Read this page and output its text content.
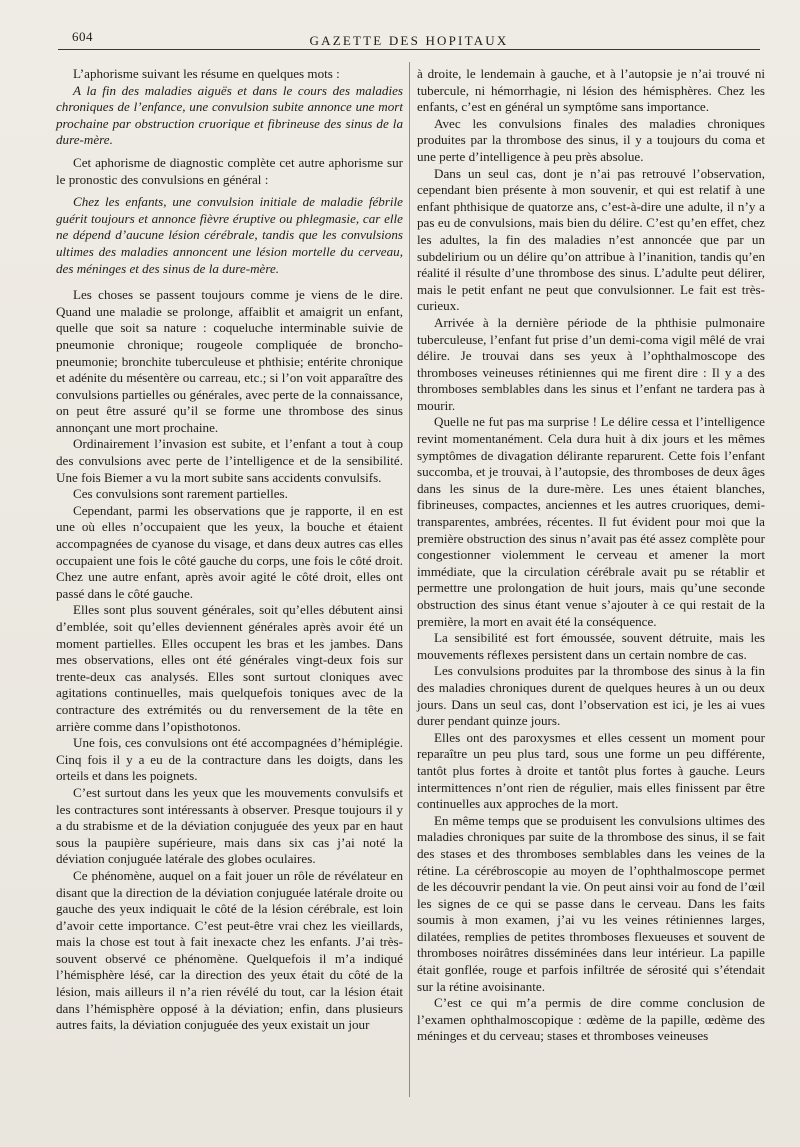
604	GAZETTE DES HOPITAUX

L’aphorisme suivant les résume en quelques mots :

A la fin des maladies aiguës et dans le cours des maladies chroniques de l’enfance, une convulsion subite annonce une mort prochaine par obstruction cruorique et fibrineuse des sinus de la dure-mère.

Cet aphorisme de diagnostic complète cet autre aphorisme sur le pronostic des convulsions en général :

Chez les enfants, une convulsion initiale de maladie fébrile guérit toujours et annonce fièvre éruptive ou phlegmasie, car elle ne dépend d’aucune lésion cérébrale, tandis que les convulsions ultimes des maladies annoncent une lésion mortelle du cerveau, des méninges et des sinus de la dure-mère.

Les choses se passent toujours comme je viens de le dire. Quand une maladie se prolonge, affaiblit et amaigrit un enfant, quelle que soit sa nature : coqueluche interminable suivie de pneumonie chronique; rougeole compliquée de broncho-pneumonie; bronchite tuberculeuse et phthisie; entérite chronique et adénite du mésentère ou carreau, etc.; si l’on voit apparaître des convulsions partielles ou générales, avec perte de la connaissance, on peut être assuré qu’il se forme une thrombose des sinus annonçant une mort prochaine.

Ordinairement l’invasion est subite, et l’enfant a tout à coup des convulsions avec perte de l’intelligence et de la sensibilité. Une fois Biemer a vu la mort subite sans accidents convulsifs.

Ces convulsions sont rarement partielles.

Cependant, parmi les observations que je rapporte, il en est une où elles n’occupaient que les yeux, la bouche et étaient accompagnées de cyanose du visage, et dans deux autres cas elles occupaient une fois le côté gauche du corps, une fois le côté droit. Chez une autre enfant, après avoir agité le côté droit, elles ont passé dans le côté gauche.

Elles sont plus souvent générales, soit qu’elles débutent ainsi d’emblée, soit qu’elles deviennent générales après avoir été un moment partielles. Elles occupent les bras et les jambes. Dans mes observations, elles ont été générales vingt-deux fois sur trente-deux cas analysés. Elles sont surtout cloniques avec agitations continuelles, mais quelquefois toniques avec de la contracture des extrémités ou du renversement de la tête en arrière comme dans l’opisthotonos.

Une fois, ces convulsions ont été accompagnées d’hémiplégie. Cinq fois il y a eu de la contracture dans les doigts, dans les orteils et dans les poignets.

C’est surtout dans les yeux que les mouvements convulsifs et les contractures sont intéressants à observer. Presque toujours il y a du strabisme et de la déviation conjuguée des yeux par en haut sous la paupière supérieure, mais dans six cas j’ai noté la déviation conjuguée latérale des globes oculaires.

Ce phénomène, auquel on a fait jouer un rôle de révélateur en disant que la direction de la déviation conjuguée latérale droite ou gauche des yeux indiquait le côté de la lésion cérébrale, est loin d’avoir cette importance. C’est peut-être vrai chez les vieillards, mais la chose est tout à fait inexacte chez les enfants. J’ai très-souvent observé ce phénomène. Quelquefois il m’a indiqué l’hémisphère lésé, car la direction des yeux était du côté de la lésion, mais ailleurs il n’a rien révélé du tout, car la lésion était dans l’hémisphère opposé à la déviation; enfin, dans plusieurs autres faits, la déviation conjuguée des yeux existait un jour

à droite, le lendemain à gauche, et à l’autopsie je n’ai trouvé ni tubercule, ni hémorrhagie, ni lésion des hémisphères. Chez les enfants, c’est en général un symptôme sans importance.

Avec les convulsions finales des maladies chroniques produites par la thrombose des sinus, il y a toujours du coma et une perte d’intelligence à peu près absolue.

Dans un seul cas, dont je n’ai pas retrouvé l’observation, cependant bien présente à mon souvenir, et qui est relatif à une enfant phthisique de quatorze ans, c’est-à-dire une adulte, il n’y a pas eu de convulsions, mais bien du délire. C’est qu’en effet, chez les adultes, la fin des maladies n’est annoncée que par un subdelirium ou un délire qu’on attribue à l’inanition, tandis qu’en réalité il résulte d’une thrombose des sinus. L’adulte peut délirer, mais le petit enfant ne peut que convulsionner. Le fait est très-curieux.

Arrivée à la dernière période de la phthisie pulmonaire tuberculeuse, l’enfant fut prise d’un demi-coma vigil mêlé de vrai délire. Je trouvai dans ses yeux à l’ophthalmoscope des thromboses veineuses rétiniennes qui me firent dire : Il y a des thromboses semblables dans les sinus et l’enfant ne tardera pas à mourir.

Quelle ne fut pas ma surprise ! Le délire cessa et l’intelligence revint momentanément. Cela dura huit à dix jours et les mêmes symptômes de divagation délirante reparurent. Cette fois l’enfant succomba, et je trouvai, à l’autopsie, des thromboses de deux âges dans les sinus de la dure-mère. Les unes étaient blanches, fibrineuses, compactes, anciennes et les autres cruoriques, demi-transparentes, ambrées, récentes. Il fut évident pour moi que la première obstruction des sinus n’avait pas été assez complète pour congestionner violemment le cerveau et amener la mort immédiate, que la circulation cérébrale avait pu se rétablir et permettre une prolongation de huit jours, mais qu’une seconde obstruction des sinus étant venue s’ajouter à ce qui restait de la première, la mort en avait été la conséquence.

La sensibilité est fort émoussée, souvent détruite, mais les mouvements réflexes persistent dans un certain nombre de cas.

Les convulsions produites par la thrombose des sinus à la fin des maladies chroniques durent de quelques heures à un ou deux jours. Dans un seul cas, dont l’observation est ici, je les ai vues durer pendant quinze jours.

Elles ont des paroxysmes et elles cessent un moment pour reparaître un peu plus tard, sous une forme un peu différente, tantôt plus fortes à droite et tantôt plus fortes à gauche. Leurs intermittences n’ont rien de régulier, mais elles finissent par être continuelles aux approches de la mort.

En même temps que se produisent les convulsions ultimes des maladies chroniques par suite de la thrombose des sinus, il se fait des stases et des thromboses semblables dans les veines de la rétine. La cérébroscopie au moyen de l’ophthalmoscope permet de les découvrir pendant la vie. On peut ainsi voir au fond de l’œil les signes de ce qui se passe dans le cerveau. Dans les faits soumis à mon examen, j’ai vu les veines rétiniennes larges, dilatées, remplies de petites thromboses flexueuses et souvent de thromboses noirâtres disséminées dans leur intérieur. La papille était gonflée, rouge et parfois infiltrée de sérosité qui s’étendait sur la rétine avoisinante.

C’est ce qui m’a permis de dire comme conclusion de l’examen ophthalmoscopique : œdème de la papille, œdème des méninges et du cerveau; stases et thromboses veineuses
